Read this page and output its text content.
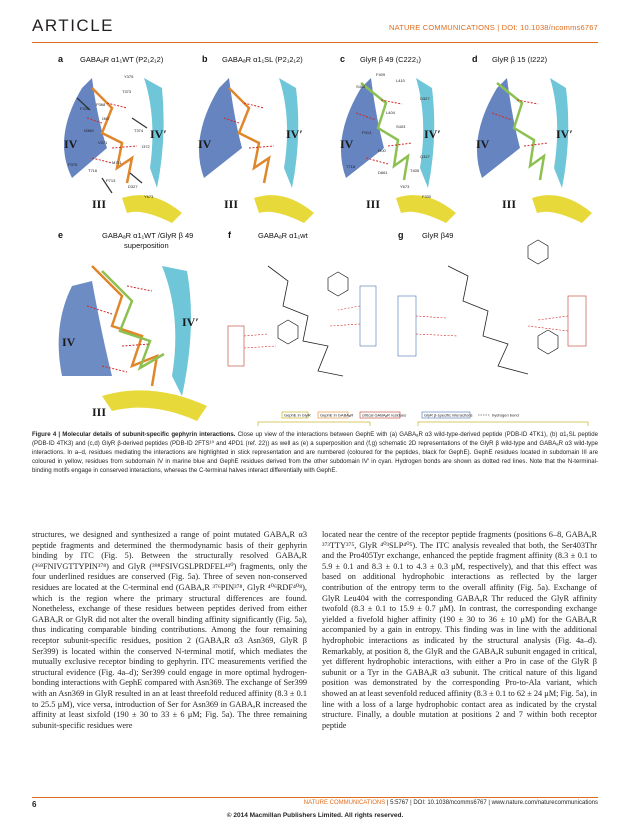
ARTICLE	NATURE COMMUNICATIONS | DOI: 10.1038/ncomms6767
a GABAₐR α1₁WT (P2₁2₁2)
IV
IV′
III
Y375
T373
F330
P368
I367
N369
V371
T374
I372
P376
T716
P713
D327
Y673
M711
b GABAₐR α1₁SL (P2₁2₁2)
IV
IV′
III
c GlyR β 49 (C222₁)
IV
IV′
III
F409
L410
S408
D327
L404
P413
T716
D661
Q327
Y673
F330
I400
S403
T405
d GlyR β 15 (I222)
IV
IV′
III
e	GABAₐR α1₁WT /GlyR β 49
superposition
IV
IV′
III
f	GABAₐR α1₁wt	g GlyR β49
GephE in GlyR GephE in GABAₐR critical GABAₐR residues	GlyR β-specific interactions	hydrogen bond
Figure 4 | Molecular details of subunit-specific gephyrin interactions. Close up view of the interactions between GephE with (a) GABAₐR α3 wild-type-derived peptide (PDB-ID 4TK1), (b) α1₁SL peptide (PDB-ID 4TK3) and (c,d) GlyR β-derived peptides (PDB-ID 2FTS¹⁰ and 4PD1 (ref. 22)) as well as (e) a superposition and (f,g) schematic 2D representations of the GlyR β wild-type and GABAₐR α3 wild-type interactions. In a–d, residues mediating the interactions are highlighted in stick representation and are numbered (coloured for the peptides, black for GephE). GephE residues located in subdomain III are coloured in yellow, residues from subdomain IV in marine blue and GephE residues derived from the other subdomain IV′ in cyan. Hydrogen bonds are shown as dotted red lines. Note that the N-terminal-binding motifs engage in conserved interactions, whereas the C-terminal halves interact differentially with GephE.
structures, we designed and synthesized a range of point mutated GABAₐR α3 peptide fragments and determined the thermodynamic basis of their gephyrin binding by ITC (Fig. 5). Between the structurally resolved GABAₐR (³⁶⁸FNIVGTTYPIN³⁷⁸) and GlyR (³⁹⁸FSIVGSLPRDFEL⁴¹⁰) fragments, only the four underlined residues are conserved (Fig. 5a). Three of seven non-conserved residues are located at the C-terminal end (GABAₐR ³⁷⁶PIN³⁷⁸, GlyR ⁴⁰⁶RDF⁴⁰⁸), which is the region where the primary structural differences are found. Nonetheless, exchange of these residues between peptides derived from either GABAₐR or GlyR did not alter the overall binding affinity significantly (Fig. 5a), thus indicating comparable binding contributions. Among the four remaining receptor subunit-specific residues, position 2 (GABAₐR α3 Asn369, GlyR β Ser399) is located within the conserved N-terminal motif, which mediates the mutually exclusive receptor binding to gephyrin. ITC measurements verified the structural evidence (Fig. 4a–d); Ser399 could engage in more optimal hydrogen-bonding interactions with GephE compared with Asn369. The exchange of Ser399 with an Asn369 in GlyR resulted in an at least threefold reduced affinity (8.3 ± 0.1 to 25.5 μM), vice versa, introduction of Ser for Asn369 in GABAₐR increased the affinity at least sixfold (190 ± 30 to 33 ± 6 μM; Fig. 5a). The three remaining subunit-specific residues were
located near the centre of the receptor peptide fragments (positions 6–8, GABAₐR ³⁷³TTY³⁷⁵, GlyR ⁴⁰³SLP⁴⁰⁵). The ITC analysis revealed that both, the Ser403Thr and the Pro405Tyr exchange, enhanced the peptide fragment affinity (8.3 ± 0.1 to 5.9 ± 0.1 and 8.3 ± 0.1 to 4.3 ± 0.3 μM, respectively), and that this effect was based on additional hydrophobic interactions as reflected by the larger contribution of the entropy term to the overall affinity (Fig. 5a). Exchange of GlyR Leu404 with the corresponding GABAₐR Thr reduced the GlyR affinity twofold (8.3 ± 0.1 to 15.9 ± 0.7 μM). In contrast, the corresponding exchange yielded a fivefold higher affinity (190 ± 30 to 36 ± 10 μM) for the GABAₐR accompanied by a gain in entropy. This finding was in line with the additional hydrophobic interactions as indicated by the structural analysis (Fig. 4a–d). Remarkably, at position 8, the GlyR and the GABAₐR subunit engaged in critical, yet different hydrophobic interactions, with either a Pro in case of the GlyR β subunit or a Tyr in the GABAₐR α3 subunit. The critical nature of this ligand position was demonstrated by the corresponding Pro-to-Ala variant, which showed an at least sevenfold reduced affinity (8.3 ± 0.1 to 62 ± 24 μM; Fig. 5a), in line with a loss of a large hydrophobic contact area as indicated by the crystal structure. Finally, a double mutation at positions 2 and 7 within both receptor peptide
6	NATURE COMMUNICATIONS | 5:5767 | DOI: 10.1038/ncomms6767 | www.nature.com/naturecommunications
© 2014 Macmillan Publishers Limited. All rights reserved.
